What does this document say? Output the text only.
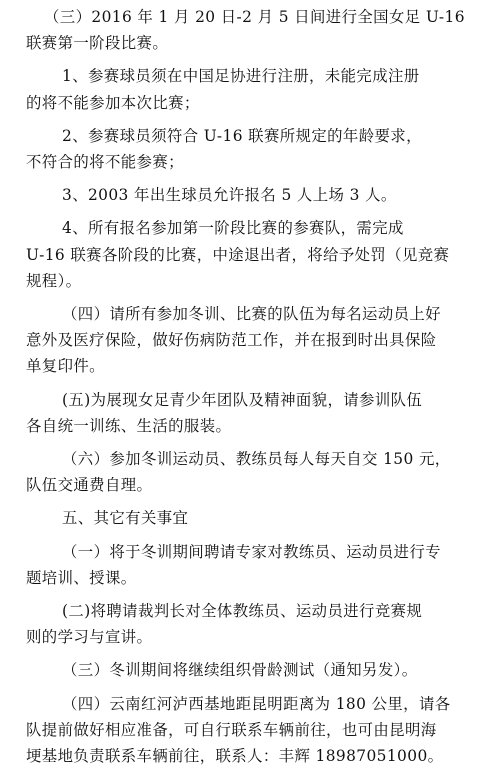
（三）2016 年 1 月 20 日-2 月 5 日间进行全国女足 U-16
联赛第一阶段比赛。

1、参赛球员须在中国足协进行注册，未能完成注册
的将不能参加本次比赛；

2、参赛球员须符合 U-16 联赛所规定的年龄要求，
不符合的将不能参赛；

3、2003 年出生球员允许报名 5 人上场 3 人。

4、所有报名参加第一阶段比赛的参赛队，需完成
U-16 联赛各阶段的比赛，中途退出者，将给予处罚（见竞赛
规程）。

（四）请所有参加冬训、比赛的队伍为每名运动员上好
意外及医疗保险，做好伤病防范工作，并在报到时出具保险
单复印件。

(五)为展现女足青少年团队及精神面貌，请参训队伍
各自统一训练、生活的服装。

（六）参加冬训运动员、教练员每人每天自交 150 元，
队伍交通费自理。

五、其它有关事宜

（一）将于冬训期间聘请专家对教练员、运动员进行专
题培训、授课。

(二)将聘请裁判长对全体教练员、运动员进行竞赛规
则的学习与宣讲。

（三）冬训期间将继续组织骨龄测试（通知另发）。

（四）云南红河泸西基地距昆明距离为 180 公里，请各
队提前做好相应准备，可自行联系车辆前往，也可由昆明海
埂基地负责联系车辆前往，联系人：丰辉 18987051000。
